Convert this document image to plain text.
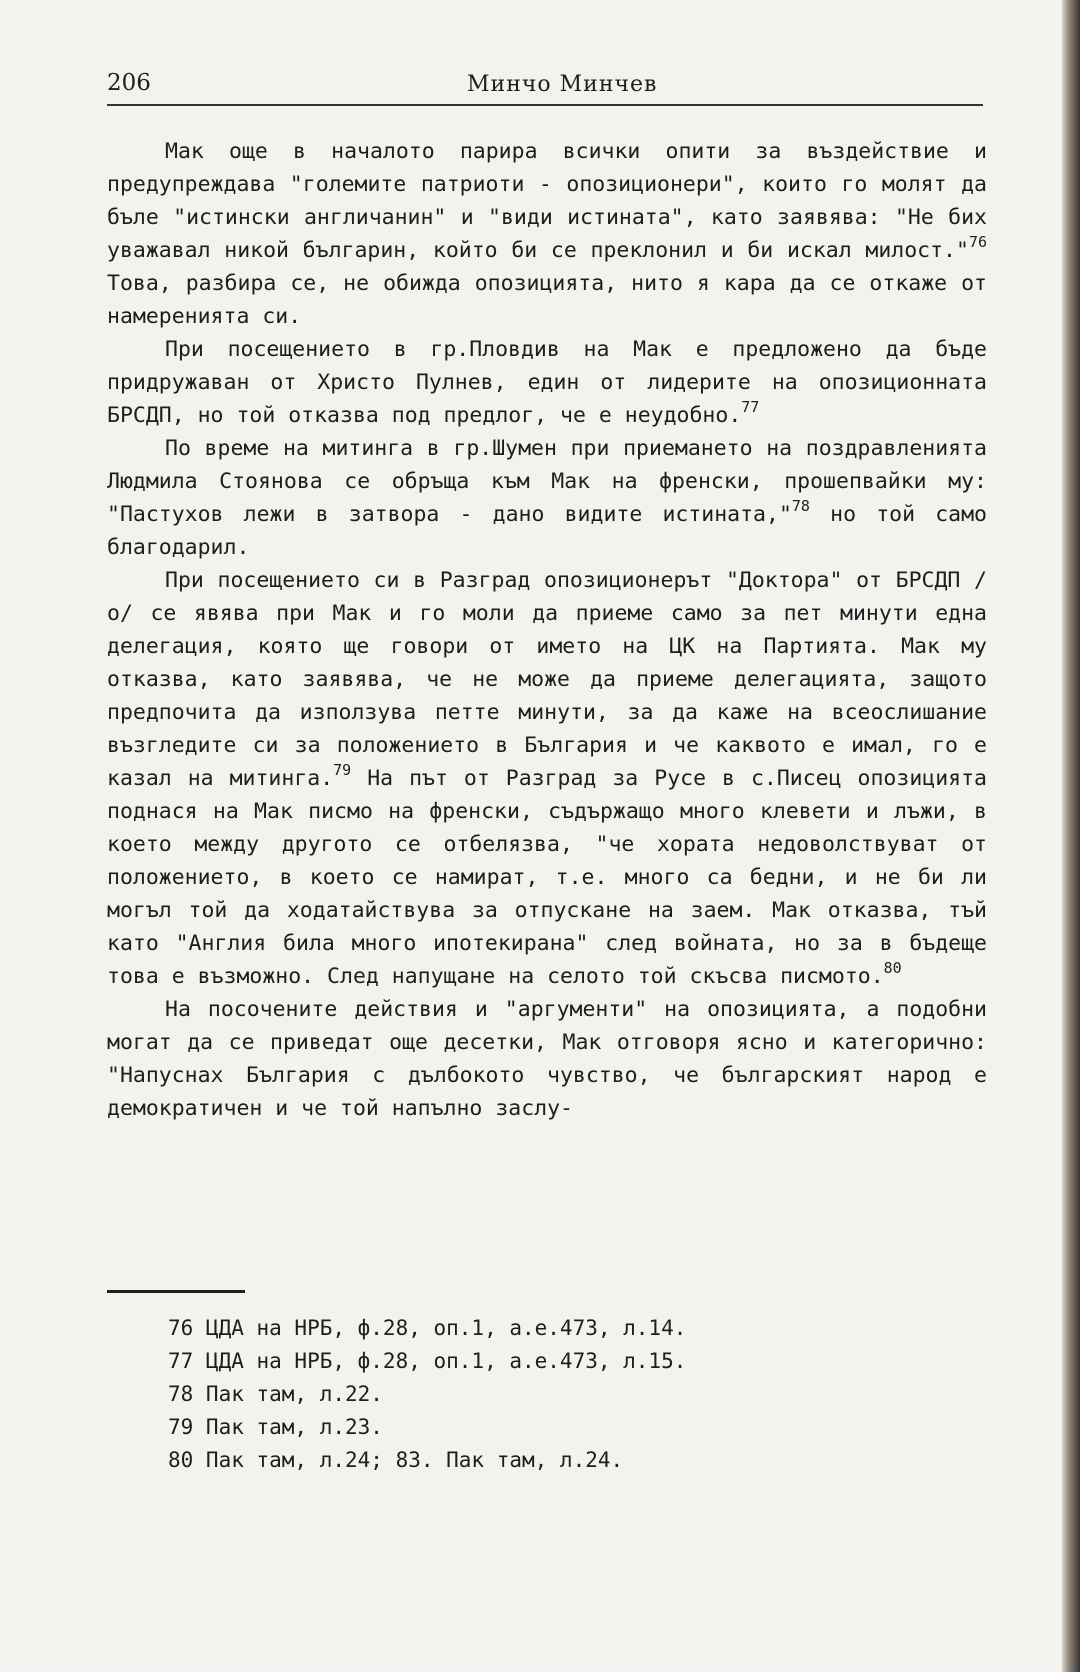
206	Минчо Минчев

Мак още в началото парира всички опити за въздействие и предупреждава "големите патриоти - опозиционери", които го молят да бъле "истински англичанин" и "види истината", като заявява: "Не бих уважавал никой българин, който би се преклонил и би искал милост."$^{76}$ Това, разбира се, не обижда опозицията, нито я кара да се откаже от намеренията си.

При посещението в гр.Пловдив на Мак е предложено да бъде придружаван от Христо Пулнев, един от лидерите на опозиционната БРСДП, но той отказва под предлог, че е неудобно.$^{77}$

По време на митинга в гр.Шумен при приемането на поздравленията Людмила Стоянова се обръща към Мак на френски, прошепвайки му: "Пастухов лежи в затвора - дано видите истината,"$^{78}$ но той само благодарил.

При посещението си в Разград опозиционерът "Доктора" от БРСДП /о/ се явява при Мак и го моли да приеме само за пет минути една делегация, която ще говори от името на ЦК на Партията. Мак му отказва, като заявява, че не може да приеме делегацията, защото предпочита да използува петте минути, за да каже на всеослишание възгледите си за положението в България и че каквото е имал, го е казал на митинга.$^{79}$ На път от Разград за Русе в с.Писец опозицията поднася на Мак писмо на френски, съдържащо много клевети и лъжи, в което между другото се отбелязва, "че хората недоволствуват от положението, в което се намират, т.е. много са бедни, и не би ли могъл той да ходатайствува за отпускане на заем. Мак отказва, тъй като "Англия била много ипотекирана" след войната, но за в бъдеще това е възможно. След напущане на селото той скъсва писмото.$^{80}$

На посочените действия и "аргументи" на опозицията, а подобни могат да се приведат още десетки, Мак отговоря ясно и категорично: "Напуснах България с дълбокото чувство, че българският народ е демократичен и че той напълно заслу-

76 ЦДА на НРБ, ф.28, оп.1, а.е.473, л.14.
77 ЦДА на НРБ, ф.28, оп.1, а.е.473, л.15.
78 Пак там, л.22.
79 Пак там, л.23.
80 Пак там, л.24; 83. Пак там, л.24.
